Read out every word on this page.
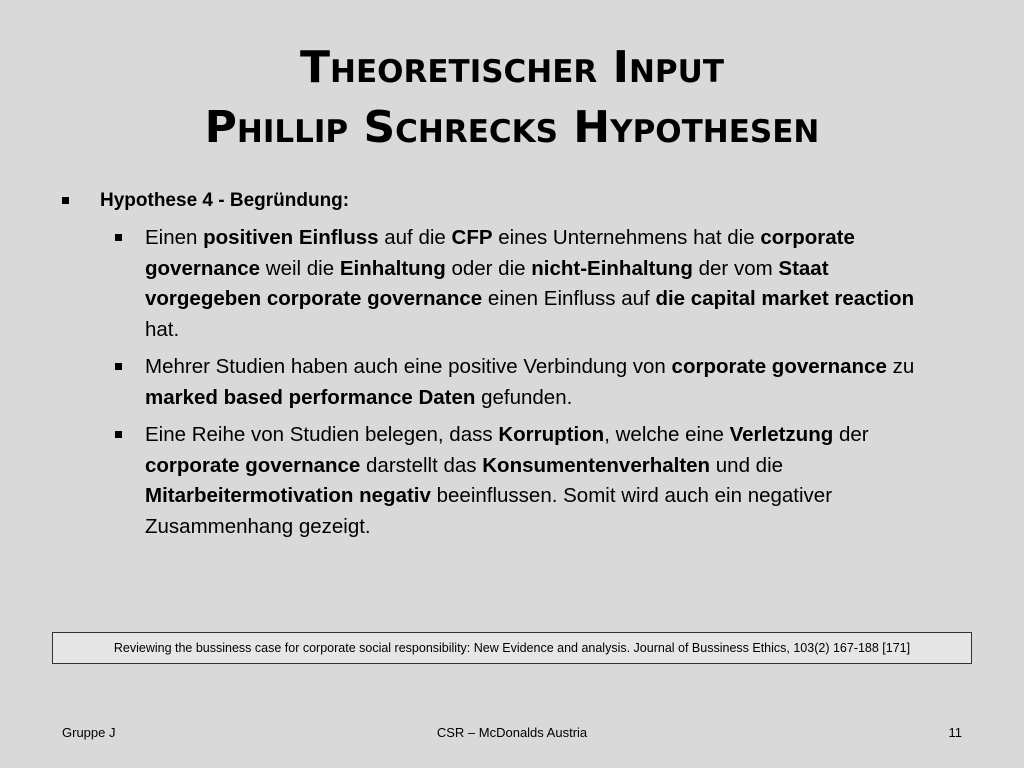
Theoretischer Input
Phillip Schrecks Hypothesen
Hypothese 4 - Begründung:
Einen positiven Einfluss auf die CFP eines Unternehmens hat die corporate governance weil die Einhaltung oder die nicht-Einhaltung der vom Staat vorgegeben corporate governance einen Einfluss auf die capital market reaction hat.
Mehrer Studien haben auch eine positive Verbindung von corporate governance zu marked based performance Daten gefunden.
Eine Reihe von Studien belegen, dass Korruption, welche eine Verletzung der corporate governance darstellt das Konsumentenverhalten und die Mitarbeitermotivation negativ beeinflussen. Somit wird auch ein negativer Zusammenhang gezeigt.
Reviewing the bussiness case for corporate social responsibility: New Evidence and analysis. Journal of Bussiness Ethics, 103(2) 167-188 [171]
Gruppe J	CSR – McDonalds Austria	11
